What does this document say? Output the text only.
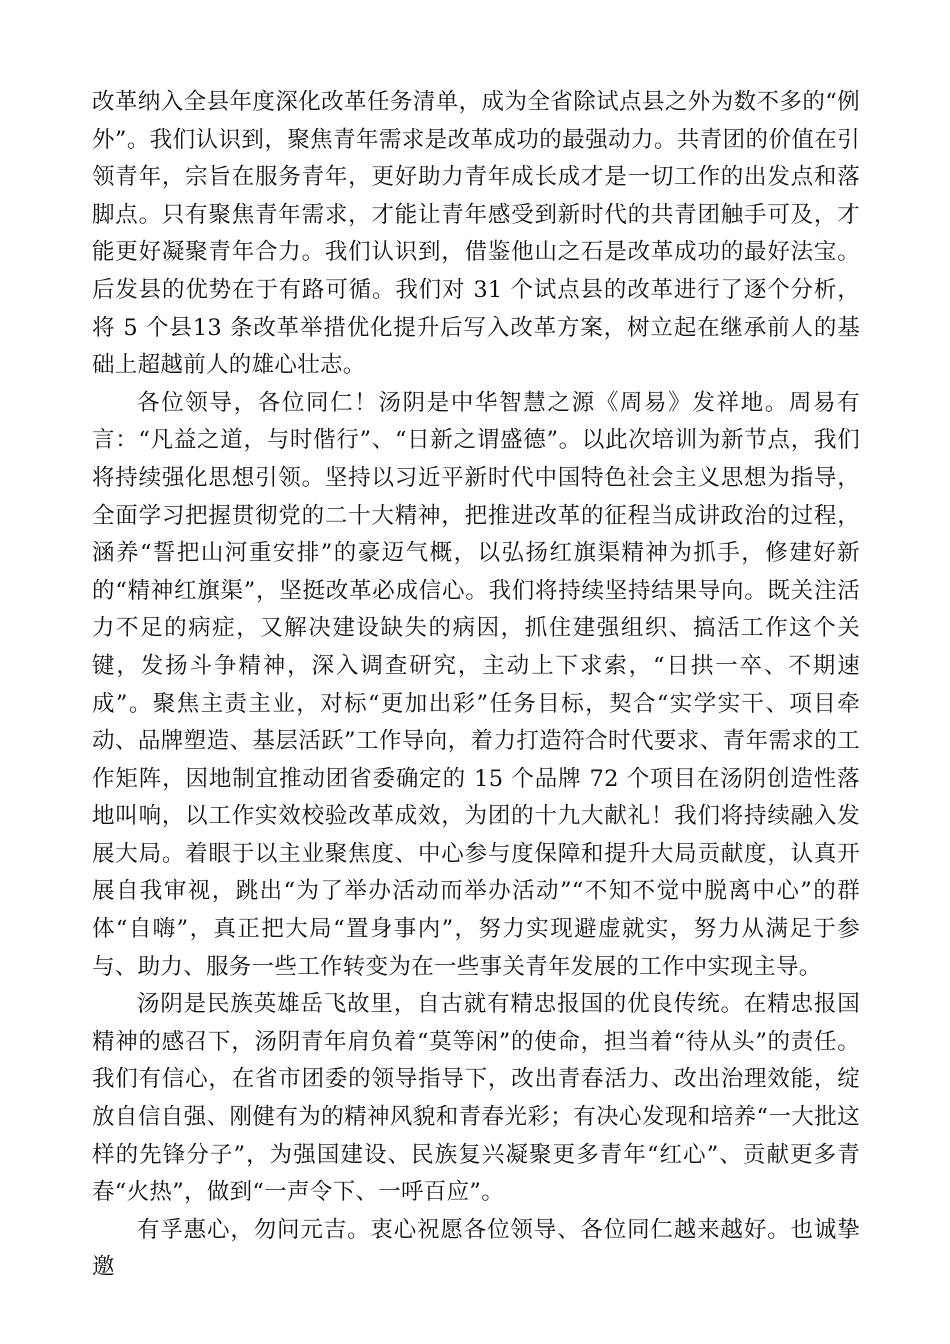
改革纳入全县年度深化改革任务清单，成为全省除试点县之外为数不多的“例外”。我们认识到，聚焦青年需求是改革成功的最强动力。共青团的价值在引领青年，宗旨在服务青年，更好助力青年成长成才是一切工作的出发点和落脚点。只有聚焦青年需求，才能让青年感受到新时代的共青团触手可及，才能更好凝聚青年合力。我们认识到，借鉴他山之石是改革成功的最好法宝。后发县的优势在于有路可循。我们对 31 个试点县的改革进行了逐个分析，将 5 个县13 条改革举措优化提升后写入改革方案，树立起在继承前人的基础上超越前人的雄心壮志。

各位领导，各位同仁！汤阴是中华智慧之源《周易》发祥地。周易有言：“凡益之道，与时偕行”、“日新之谓盛德”。以此次培训为新节点，我们将持续强化思想引领。坚持以习近平新时代中国特色社会主义思想为指导，全面学习把握贯彻党的二十大精神，把推进改革的征程当成讲政治的过程，涵养“誓把山河重安排”的豪迈气概，以弘扬红旗渠精神为抓手，修建好新的“精神红旗渠”，坚挺改革必成信心。我们将持续坚持结果导向。既关注活力不足的病症，又解决建设缺失的病因，抓住建强组织、搞活工作这个关键，发扬斗争精神，深入调查研究，主动上下求索，“日拱一卒、不期速成”。聚焦主责主业，对标“更加出彩”任务目标，契合“实学实干、项目牵动、品牌塑造、基层活跃”工作导向，着力打造符合时代要求、青年需求的工作矩阵，因地制宜推动团省委确定的 15 个品牌 72 个项目在汤阴创造性落地叫响，以工作实效校验改革成效，为团的十九大献礼！我们将持续融入发展大局。着眼于以主业聚焦度、中心参与度保障和提升大局贡献度，认真开展自我审视，跳出“为了举办活动而举办活动”“不知不觉中脱离中心”的群体“自嗨”，真正把大局“置身事内”，努力实现避虚就实，努力从满足于参与、助力、服务一些工作转变为在一些事关青年发展的工作中实现主导。

汤阴是民族英雄岳飞故里，自古就有精忠报国的优良传统。在精忠报国精神的感召下，汤阴青年肩负着“莫等闲”的使命，担当着“待从头”的责任。我们有信心，在省市团委的领导指导下，改出青春活力、改出治理效能，绽放自信自强、刚健有为的精神风貌和青春光彩；有决心发现和培养“一大批这样的先锋分子”，为强国建设、民族复兴凝聚更多青年“红心”、贡献更多青春“火热”，做到“一声令下、一呼百应”。

有孚惠心，勿问元吉。衷心祝愿各位领导、各位同仁越来越好。也诚挚邀
